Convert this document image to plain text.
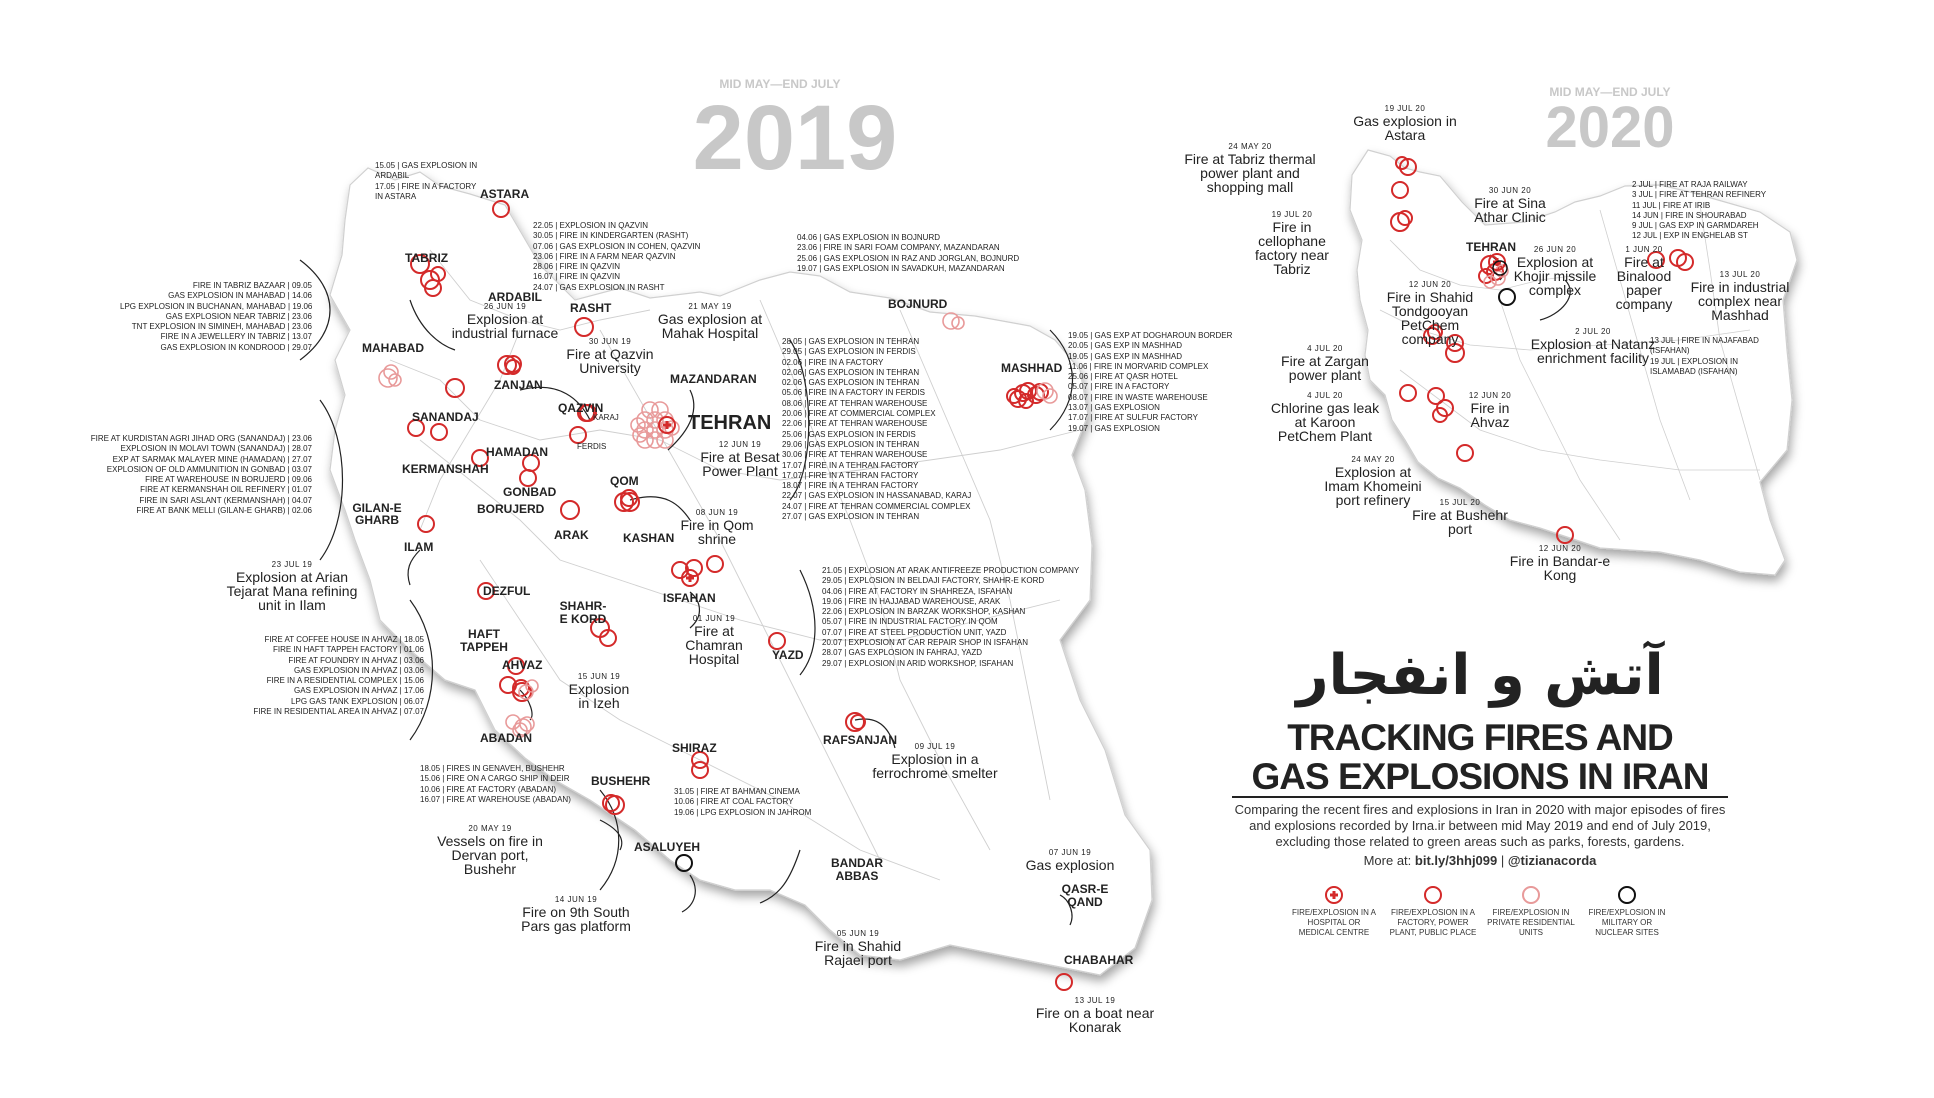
MID MAY—END JULY
2019	MID MAY—END JULY
2020
ASTARA
TABRIZ
ARDABIL
RASHT
MAHABAD
ZANJAN
QAZVIN
MAZANDARAN
BOJNURD
MASHHAD
SANANDAJ	KARAJ	TEHRAN
FERDIS
HAMADAN
KERMANSHAH
GONBAD
BORUJERD
QOM
GILAN-E GHARB
ARAK	KASHAN
ILAM
ISFAHAN
DEZFUL
SHAHR-E KORD
HAFT TAPPEH
YAZD
AHVAZ
ABADAN	RAFSANJAN
SHIRAZ
BUSHEHR
ASALUYEH
BANDAR ABBAS
QASR-E QAND
CHABAHAR
TEHRAN
26 JUN 19
Explosion at industrial furnace
21 MAY 19
Gas explosion at Mahak Hospital
30 JUN 19
Fire at Qazvin University
12 JUN 19
Fire at Besat Power Plant
08 JUN 19
Fire in Qom shrine
23 JUL 19
Explosion at Arian Tejarat Mana refining unit in Ilam
01 JUN 19
Fire at Chamran Hospital
15 JUN 19
Explosion in Izeh
09 JUL 19
Explosion in a ferrochrome smelter
20 MAY 19
Vessels on fire in Dervan port, Bushehr
14 JUN 19
Fire on 9th South Pars gas platform
07 JUN 19
Gas explosion
05 JUN 19
Fire in Shahid Rajaei port
13 JUL 19
Fire on a boat near Konarak
19 JUL 20
Gas explosion in Astara
24 MAY 20
Fire at Tabriz thermal power plant and shopping mall	30 JUN 20
Fire at Sina Athar Clinic
19 JUL 20
Fire in cellophane factory near Tabriz
26 JUN 20
Explosion at Khojir missile complex
1 JUN 20
Fire at Binalood paper company
13 JUL 20
Fire in industrial complex near Mashhad
12 JUN 20
Fire in Shahid Tondgooyan PetChem company	2 JUL 20
Explosion at Natanz enrichment facility
4 JUL 20
Fire at Zargan power plant
4 JUL 20
Chlorine gas leak at Karoon PetChem Plant
12 JUN 20
Fire in Ahvaz
24 MAY 20
Explosion at Imam Khomeini port refinery	15 JUL 20
Fire at Bushehr port
12 JUN 20
Fire in Bandar-e Kong
15.05 | GAS EXPLOSION IN ARDABIL
17.05 | FIRE IN A FACTORY IN ASTARA
22.05 | EXPLOSION IN QAZVIN
30.05 | FIRE IN KINDERGARTEN (RASHT)
07.06 | GAS EXPLOSION IN COHEN, QAZVIN
23.06 | FIRE IN A FARM NEAR QAZVIN
28.06 | FIRE IN QAZVIN
16.07 | FIRE IN QAZVIN
24.07 | GAS EXPLOSION IN RASHT
04.06 | GAS EXPLOSION IN BOJNURD
23.06 | FIRE IN SARI FOAM COMPANY, MAZANDARAN
25.06 | GAS EXPLOSION IN RAZ AND JORGLAN, BOJNURD
19.07 | GAS EXPLOSION IN SAVADKUH, MAZANDARAN
FIRE IN TABRIZ BAZAAR | 09.05
GAS EXPLOSION IN MAHABAD | 14.06
LPG EXPLOSION IN BUCHANAN, MAHABAD | 19.06
GAS EXPLOSION NEAR TABRIZ | 23.06
TNT EXPLOSION IN SIMINEH, MAHABAD | 23.06
FIRE IN A JEWELLERY IN TABRIZ | 13.07
GAS EXPLOSION IN KONDROOD | 29.07
19.05 | GAS EXP AT DOGHAROUN BORDER
20.05 | GAS EXP IN MASHHAD
19.05 | GAS EXP IN MASHHAD
11.06 | FIRE IN MORVARID COMPLEX
25.06 | FIRE AT QASR HOTEL
05.07 | FIRE IN A FACTORY
08.07 | FIRE IN WASTE WAREHOUSE
13.07 | GAS EXPLOSION
17.07 | FIRE AT SULFUR FACTORY
19.07 | GAS EXPLOSION
28.05 | GAS EXPLOSION IN TEHRAN
29.05 | GAS EXPLOSION IN FERDIS
02.06 | FIRE IN A FACTORY
02.06 | GAS EXPLOSION IN TEHRAN
02.06 | GAS EXPLOSION IN TEHRAN
05.06 | FIRE IN A FACTORY IN FERDIS
08.06 | FIRE AT TEHRAN WAREHOUSE
20.06 | FIRE AT COMMERCIAL COMPLEX
22.06 | FIRE AT TEHRAN WAREHOUSE
25.06 | GAS EXPLOSION IN FERDIS
29.06 | GAS EXPLOSION IN TEHRAN
30.06 | FIRE AT TEHRAN WAREHOUSE
17.07 | FIRE IN A TEHRAN FACTORY
17.07 | FIRE IN A TEHRAN FACTORY
18.07 | FIRE IN A TEHRAN FACTORY
22.07 | GAS EXPLOSION IN HASSANABAD, KARAJ
24.07 | FIRE AT TEHRAN COMMERCIAL COMPLEX
27.07 | GAS EXPLOSION IN TEHRAN
FIRE AT KURDISTAN AGRI JIHAD ORG (SANANDAJ) | 23.06
EXPLOSION IN MOLAVI TOWN (SANANDAJ) | 28.07
EXP AT SARMAK MALAYER MINE (HAMADAN) | 27.07
EXPLOSION OF OLD AMMUNITION IN GONBAD | 03.07
FIRE AT WAREHOUSE IN BORUJERD | 09.06
FIRE AT KERMANSHAH OIL REFINERY | 01.07
FIRE IN SARI ASLANT (KERMANSHAH) | 04.07
FIRE AT BANK MELLI (GILAN-E GHARB) | 02.06
21.05 | EXPLOSION AT ARAK ANTIFREEZE PRODUCTION COMPANY
29.05 | EXPLOSION IN BELDAJI FACTORY, SHAHR-E KORD
04.06 | FIRE AT FACTORY IN SHAHREZA, ISFAHAN
19.06 | FIRE IN HAJJABAD WAREHOUSE, ARAK
22.06 | EXPLOSION IN BARZAK WORKSHOP, KASHAN
05.07 | FIRE IN INDUSTRIAL FACTORY IN QOM
07.07 | FIRE AT STEEL PRODUCTION UNIT, YAZD
20.07 | EXPLOSION AT CAR REPAIR SHOP IN ISFAHAN
28.07 | GAS EXPLOSION IN FAHRAJ, YAZD
29.07 | EXPLOSION IN ARID WORKSHOP, ISFAHAN
FIRE AT COFFEE HOUSE IN AHVAZ | 18.05
FIRE IN HAFT TAPPEH FACTORY | 01.06
FIRE AT FOUNDRY IN AHVAZ | 03.06
GAS EXPLOSION IN AHVAZ | 03.06
FIRE IN A RESIDENTIAL COMPLEX | 15.06
GAS EXPLOSION IN AHVAZ | 17.06
LPG GAS TANK EXPLOSION | 06.07
FIRE IN RESIDENTIAL AREA IN AHVAZ | 07.07
18.05 | FIRES IN GENAVEH, BUSHEHR
15.06 | FIRE ON A CARGO SHIP IN DEIR
10.06 | FIRE AT FACTORY (ABADAN)
16.07 | FIRE AT WAREHOUSE (ABADAN)
31.05 | FIRE AT BAHMAN CINEMA
10.06 | FIRE AT COAL FACTORY
19.06 | LPG EXPLOSION IN JAHROM
2 JUL | FIRE AT RAJA RAILWAY
3 JUL | FIRE AT TEHRAN REFINERY
11 JUL | FIRE AT IRIB
14 JUN | FIRE IN SHOURABAD
9 JUL | GAS EXP IN GARMDAREH
12 JUL | EXP IN ENGHELAB ST
13 JUL | FIRE IN NAJAFABAD (ISFAHAN)
19 JUL | EXPLOSION IN ISLAMABAD (ISFAHAN)
آتش و انفجار
TRACKING FIRES AND
GAS EXPLOSIONS IN IRAN
Comparing the recent fires and explosions in Iran in 2020 with major episodes of fires and explosions recorded by Irna.ir between mid May 2019 and end of July 2019, excluding those related to green areas such as parks, forests, gardens.
More at: bit.ly/3hhj099 | @tizianacorda
FIRE/EXPLOSION IN A HOSPITAL OR MEDICAL CENTRE
FIRE/EXPLOSION IN A FACTORY, POWER PLANT, PUBLIC PLACE
FIRE/EXPLOSION IN PRIVATE RESIDENTIAL UNITS
FIRE/EXPLOSION IN MILITARY OR NUCLEAR SITES
